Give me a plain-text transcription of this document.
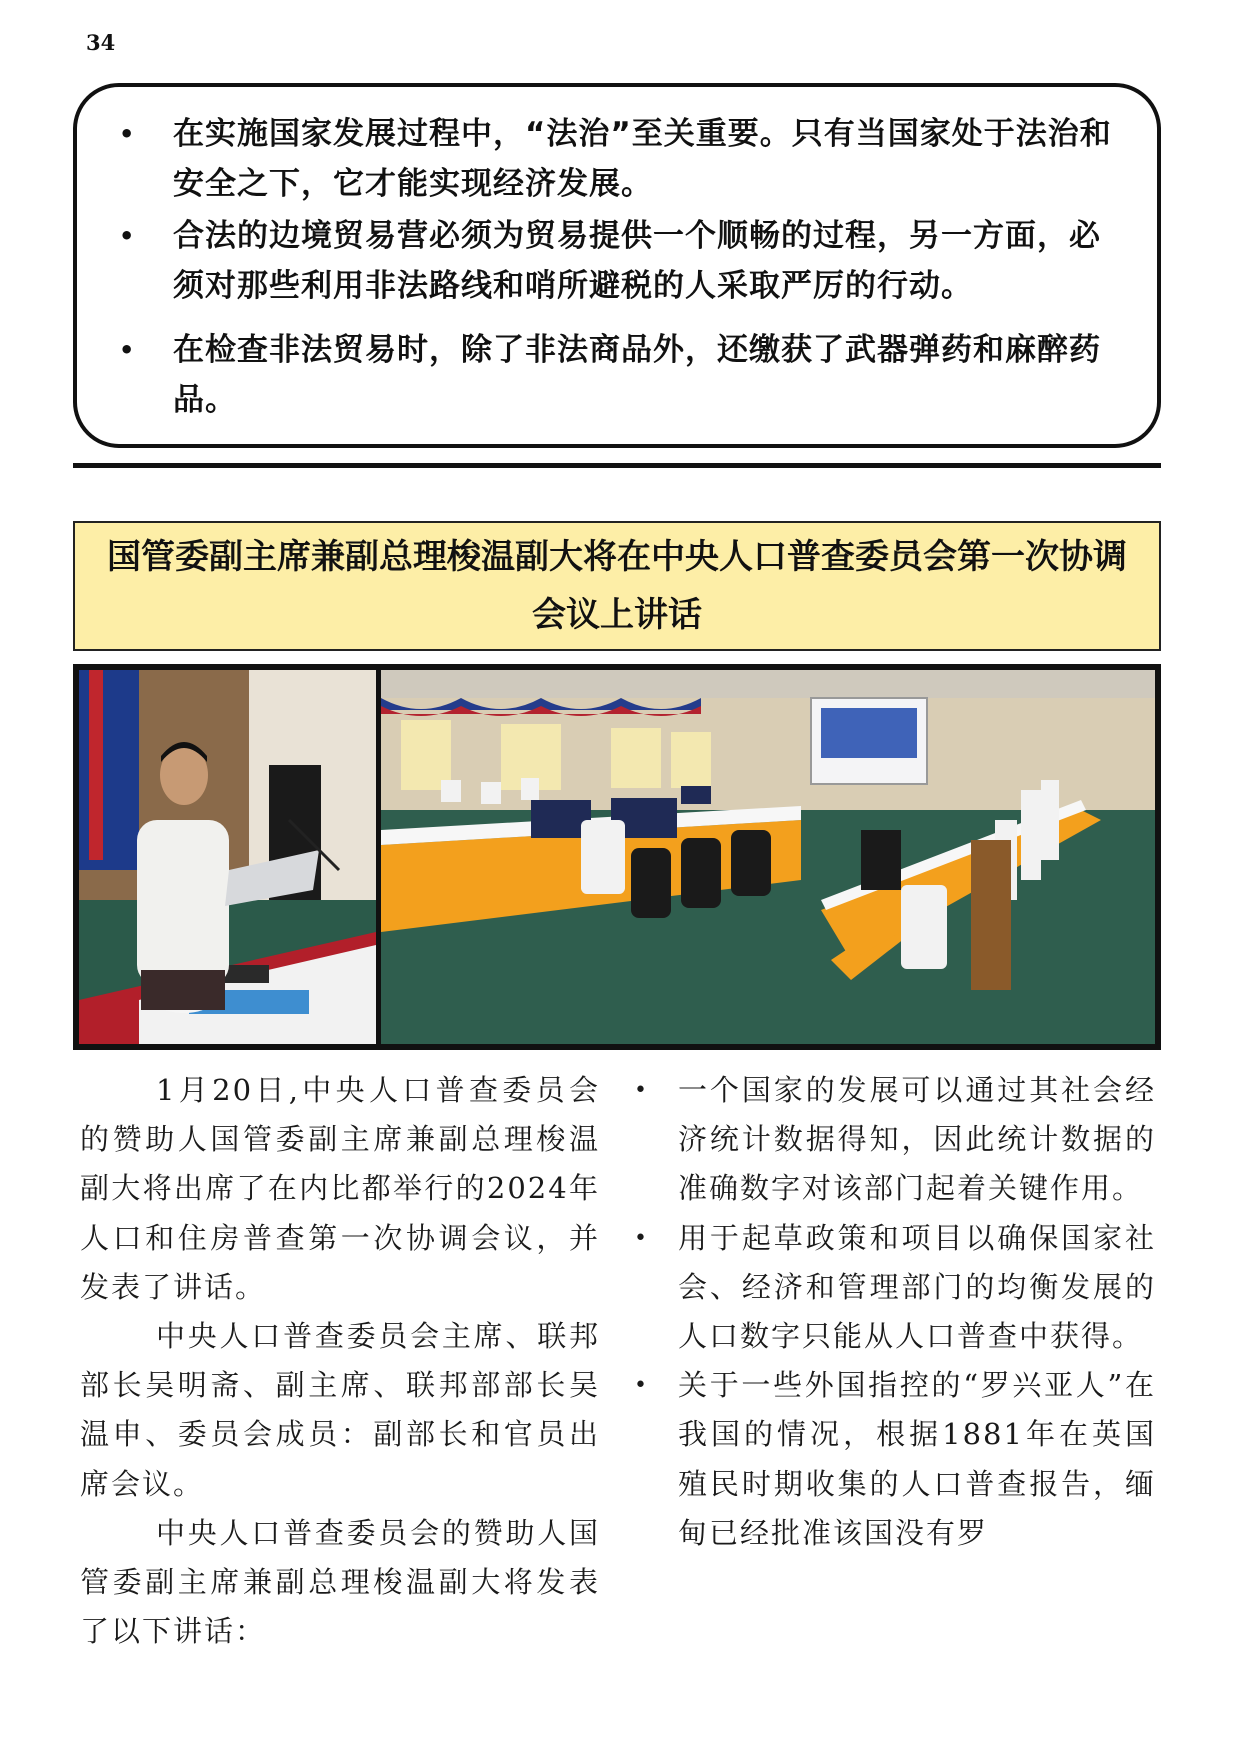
34
• 在实施国家发展过程中，“法治”至关重要。只有当国家处于法治和安全之下，它才能实现经济发展。
• 合法的边境贸易营必须为贸易提供一个顺畅的过程，另一方面，必须对那些利用非法路线和哨所避税的人采取严厉的行动。
• 在检查非法贸易时，除了非法商品外，还缴获了武器弹药和麻醉药品。
国管委副主席兼副总理梭温副大将在中央人口普查委员会第一次协调会议上讲话

1月20日,中央人口普查委员会的赞助人国管委副主席兼副总理梭温副大将出席了在内比都举行的2024年人口和住房普查第一次协调会议，并发表了讲话。

中央人口普查委员会主席、联邦部长吴明斋、副主席、联邦部部长吴温申、委员会成员：副部长和官员出席会议。

中央人口普查委员会的赞助人国管委副主席兼副总理梭温副大将发表了以下讲话：

• 一个国家的发展可以通过其社会经济统计数据得知，因此统计数据的准确数字对该部门起着关键作用。
• 用于起草政策和项目以确保国家社会、经济和管理部门的均衡发展的人口数字只能从人口普查中获得。
• 关于一些外国指控的“罗兴亚人”在我国的情况，根据1881年在英国殖民时期收集的人口普查报告，缅甸已经批准该国没有罗
